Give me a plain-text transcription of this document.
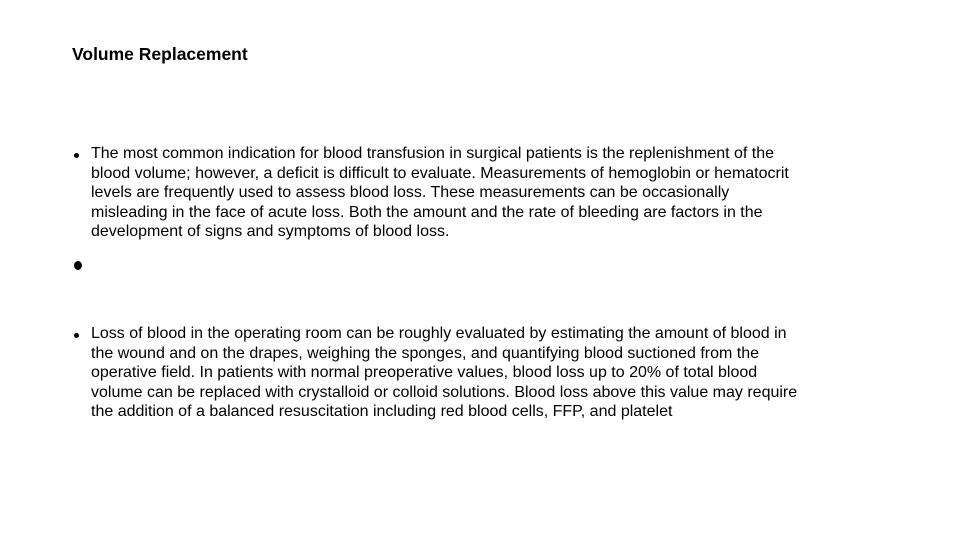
Volume Replacement
The most common indication for blood transfusion in surgical patients is the replenishment of the
blood volume; however, a deficit is difficult to evaluate. Measurements of hemoglobin or hematocrit
levels are frequently used to assess blood loss. These measurements can be occasionally
misleading in the face of acute loss. Both the amount and the rate of bleeding are factors in the
development of signs and symptoms of blood loss.
Loss of blood in the operating room can be roughly evaluated by estimating the amount of blood in
the wound and on the drapes, weighing the sponges, and quantifying blood suctioned from the
operative field. In patients with normal preoperative values, blood loss up to 20% of total blood
volume can be replaced with crystalloid or colloid solutions. Blood loss above this value may require
the addition of a balanced resuscitation including red blood cells, FFP, and platelet
